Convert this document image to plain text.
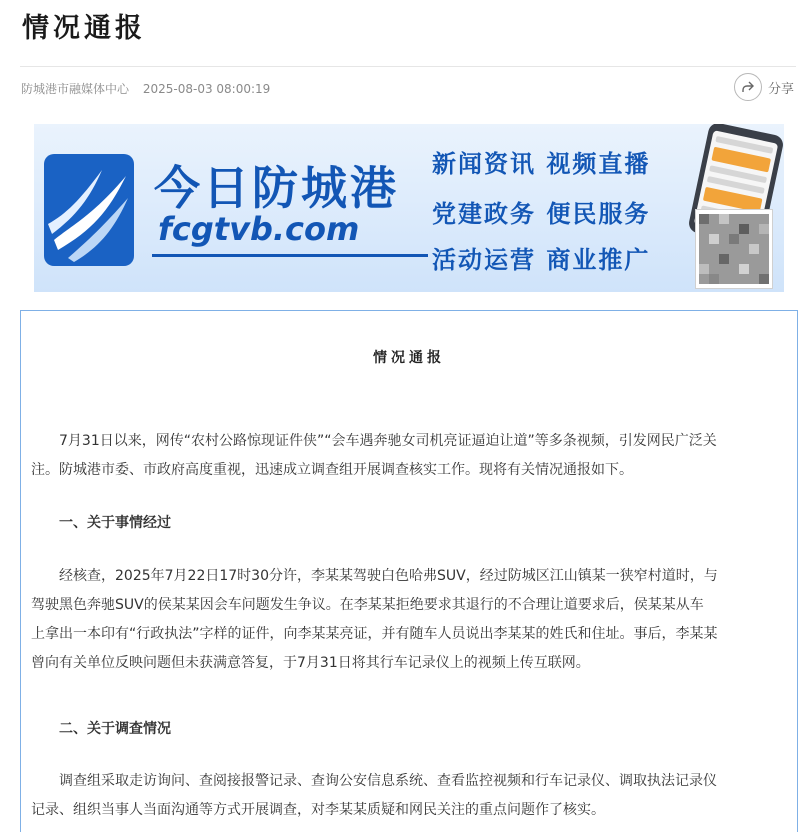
情况通报
防城港市融媒体中心 2025-08-03 08:00:19	分享
今日防城港
fcgtvb.com
新闻资讯 视频直播
党建政务 便民服务
活动运营 商业推广
情况通报
7月31日以来，网传“农村公路惊现证件侠”“会车遇奔驰女司机亮证逼迫让道”等多条视频，引发网民广泛关
注。防城港市委、市政府高度重视，迅速成立调查组开展调查核实工作。现将有关情况通报如下。
一、关于事情经过
经核查，2025年7月22日17时30分许，李某某驾驶白色哈弗SUV，经过防城区江山镇某一狭窄村道时，与
驾驶黑色奔驰SUV的侯某某因会车问题发生争议。在李某某拒绝要求其退行的不合理让道要求后，侯某某从车
上拿出一本印有“行政执法”字样的证件，向李某某亮证，并有随车人员说出李某某的姓氏和住址。事后，李某某
曾向有关单位反映问题但未获满意答复，于7月31日将其行车记录仪上的视频上传互联网。
二、关于调查情况
调查组采取走访询问、查阅接报警记录、查询公安信息系统、查看监控视频和行车记录仪、调取执法记录仪
记录、组织当事人当面沟通等方式开展调查，对李某某质疑和网民关注的重点问题作了核实。
